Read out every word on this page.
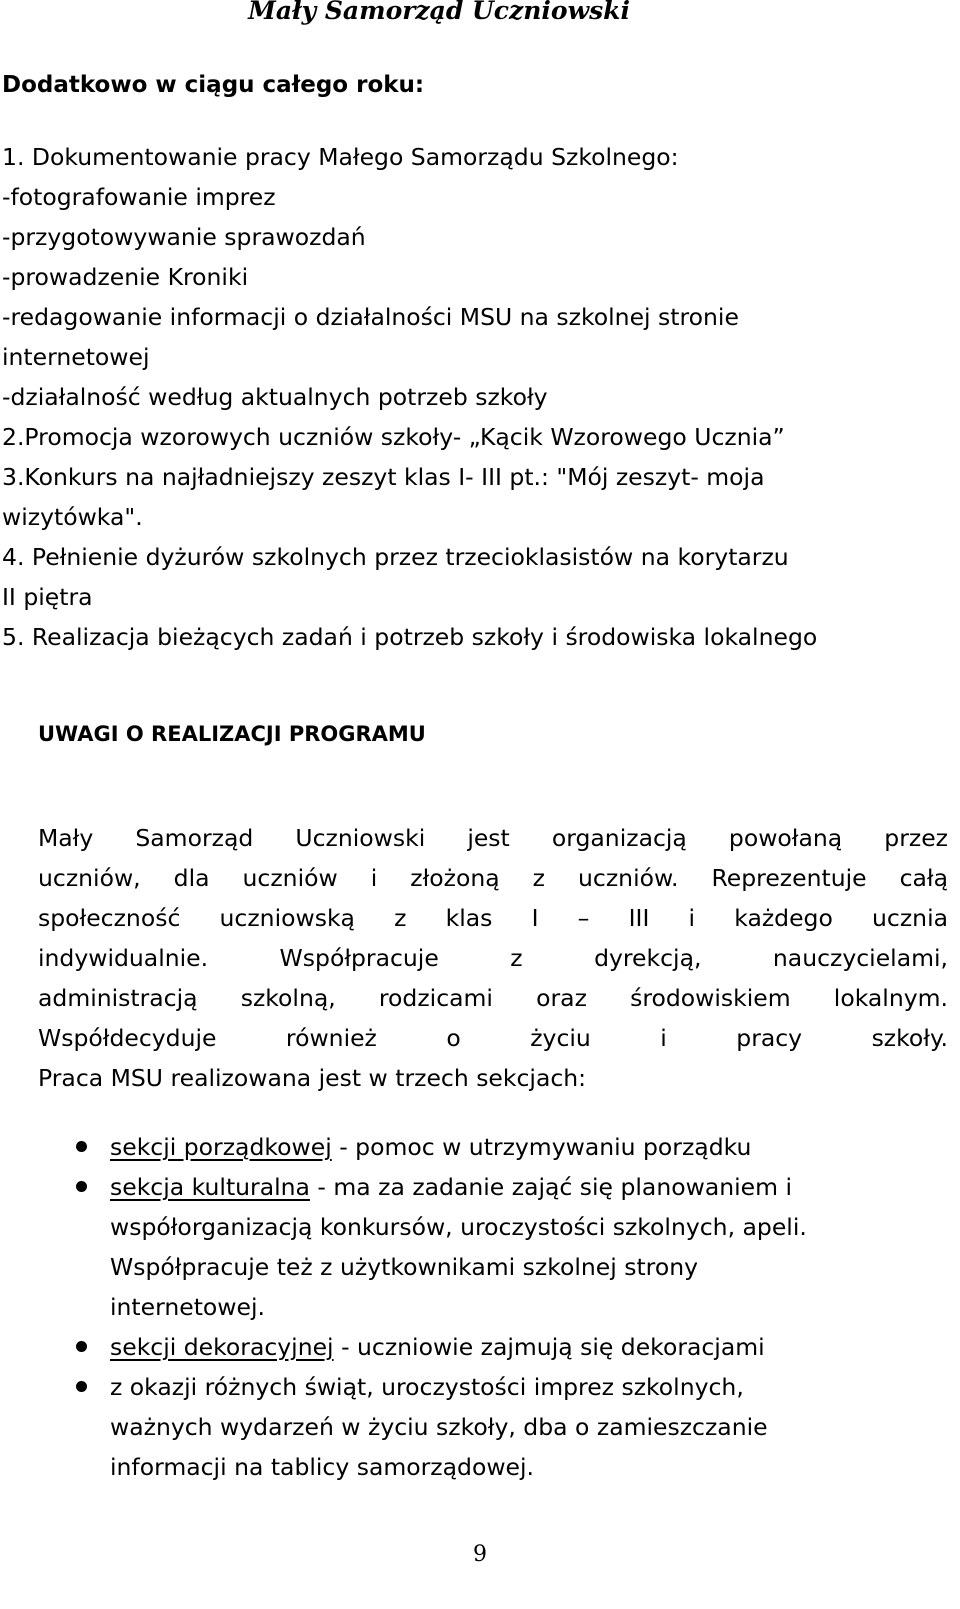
Mały Samorząd Uczniowski
Dodatkowo w ciągu całego roku:
1. Dokumentowanie pracy Małego Samorządu Szkolnego:
-fotografowanie imprez
-przygotowywanie sprawozdań
-prowadzenie Kroniki
-redagowanie informacji o działalności MSU na szkolnej stronie
internetowej
-działalność według aktualnych potrzeb szkoły
2.Promocja wzorowych uczniów szkoły- „Kącik Wzorowego Ucznia”
3.Konkurs na najładniejszy zeszyt klas I- III pt.: "Mój zeszyt- moja
wizytówka".
4. Pełnienie dyżurów szkolnych przez trzecioklasistów na korytarzu
II piętra
5. Realizacja bieżących zadań i potrzeb szkoły i środowiska lokalnego
UWAGI O REALIZACJI PROGRAMU
Mały Samorząd Uczniowski jest organizacją powołaną przez
uczniów, dla uczniów i złożoną z uczniów. Reprezentuje całą
społeczność uczniowską z klas I – III i każdego ucznia
indywidualnie. Współpracuje z dyrekcją, nauczycielami,
administracją szkolną, rodzicami oraz środowiskiem lokalnym.
Współdecyduje również o życiu i pracy szkoły.
Praca MSU realizowana jest w trzech sekcjach:
sekcji porządkowej - pomoc w utrzymywaniu porządku
sekcja kulturalna - ma za zadanie zająć się planowaniem i
współorganizacją konkursów, uroczystości szkolnych, apeli.
Współpracuje też z użytkownikami szkolnej strony
internetowej.
sekcji dekoracyjnej - uczniowie zajmują się dekoracjami
z okazji różnych świąt, uroczystości imprez szkolnych,
ważnych wydarzeń w życiu szkoły, dba o zamieszczanie
informacji na tablicy samorządowej.
9
